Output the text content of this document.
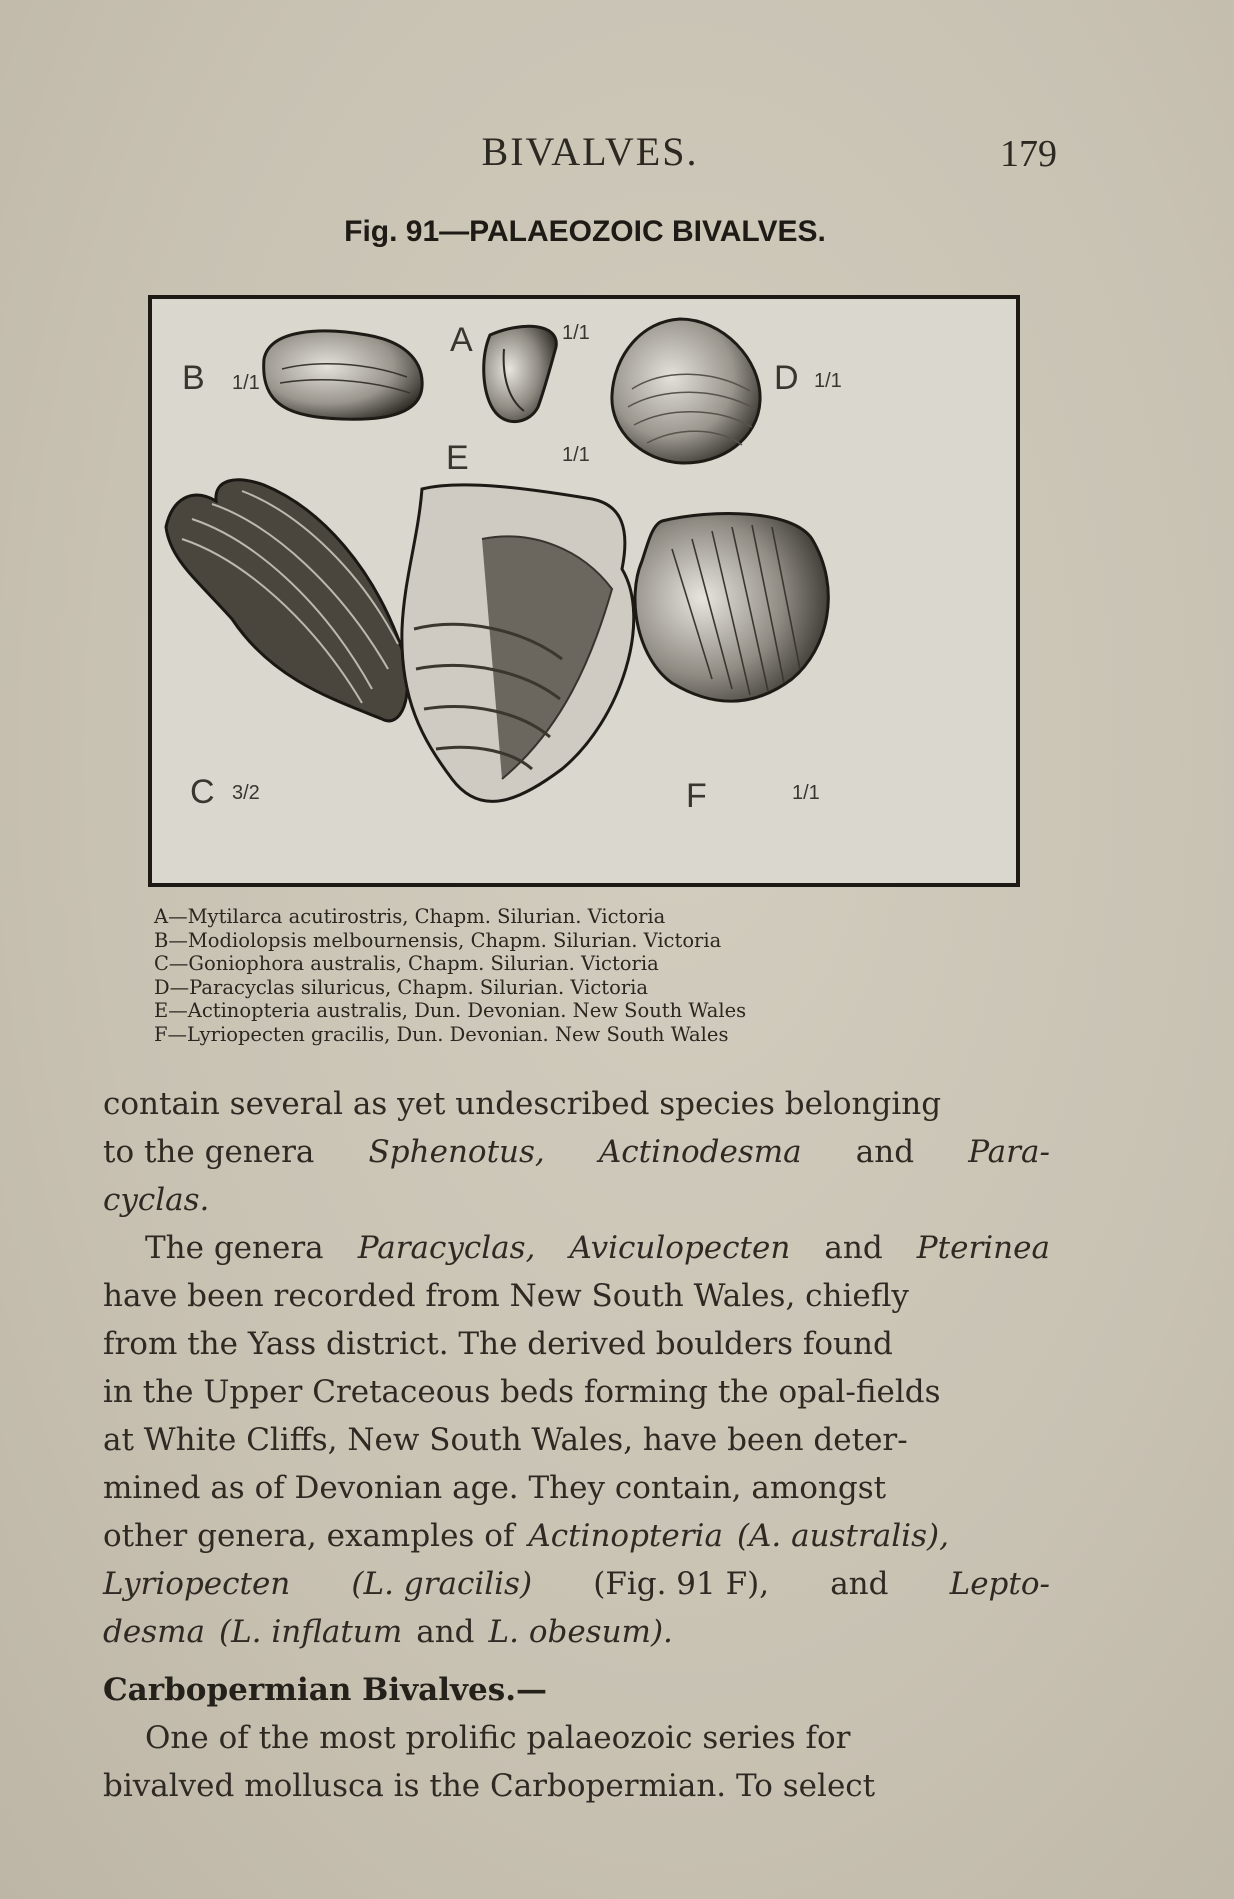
BIVALVES.	179
Fig. 91—PALAEOZOIC BIVALVES.
B 1/1
A	1/1
D 1/1
C 3/2
E	1/1
F	1/1
A—Mytilarca acutirostris, Chapm. Silurian. Victoria
B—Modiolopsis melbournensis, Chapm. Silurian. Victoria
C—Goniophora australis, Chapm. Silurian. Victoria
D—Paracyclas siluricus, Chapm. Silurian. Victoria
E—Actinopteria australis, Dun. Devonian. New South Wales
F—Lyriopecten gracilis, Dun. Devonian. New South Wales
contain several as yet undescribed species belonging
to the genera Sphenotus, Actinodesma and Para-
cyclas.
The genera Paracyclas, Aviculopecten and Pterinea
have been recorded from New South Wales, chiefly
from the Yass district. The derived boulders found
in the Upper Cretaceous beds forming the opal-fields
at White Cliffs, New South Wales, have been deter-
mined as of Devonian age. They contain, amongst
other genera, examples of Actinopteria (A. australis),
Lyriopecten (L. gracilis) (Fig. 91 F), and Lepto-
desma (L. inflatum and L. obesum).
Carbopermian Bivalves.—
One of the most prolific palaeozoic series for
bivalved mollusca is the Carbopermian. To select
